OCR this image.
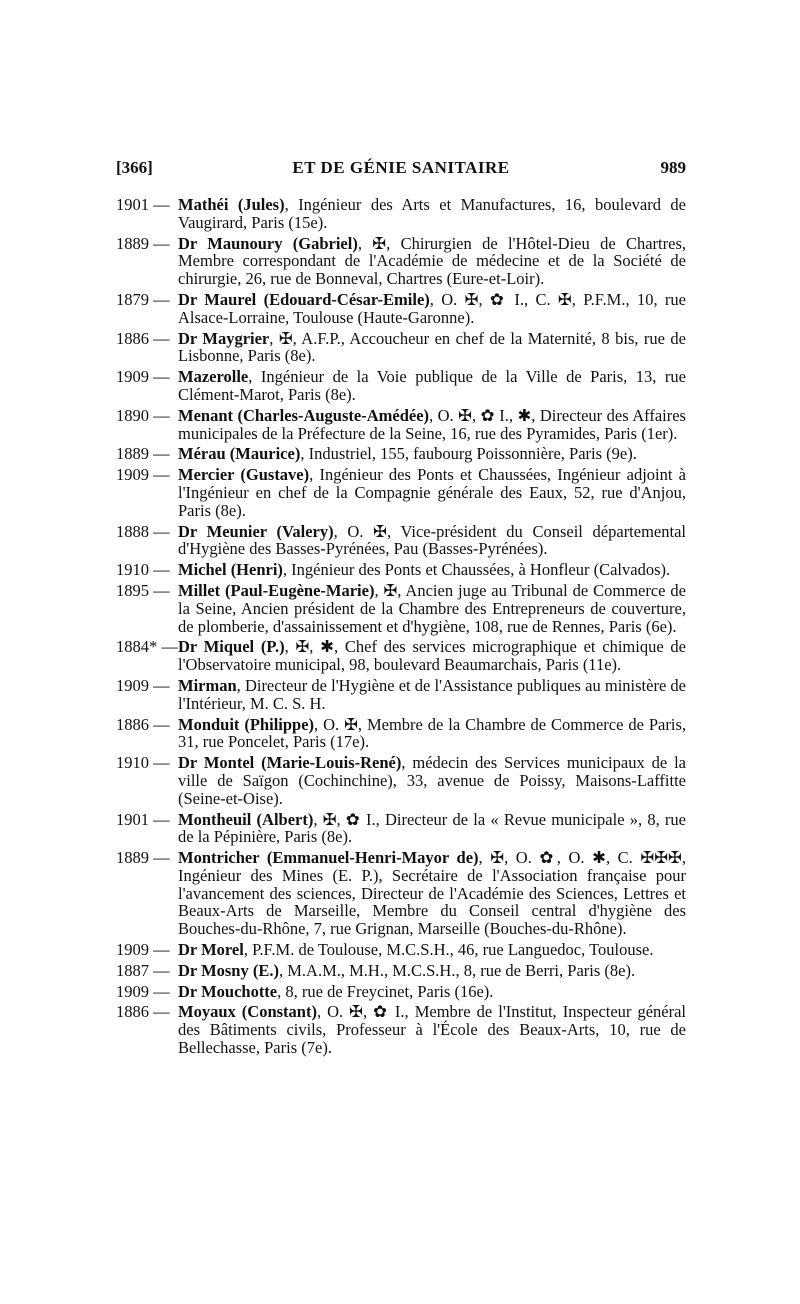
[366]	ET DE GÉNIE SANITAIRE	989
1901 — Mathéi (Jules), Ingénieur des Arts et Manufactures, 16, boulevard de Vaugirard, Paris (15e).
1889 — Dr Maunoury (Gabriel), ✠, Chirurgien de l'Hôtel-Dieu de Chartres, Membre correspondant de l'Académie de médecine et de la Société de chirurgie, 26, rue de Bonneval, Chartres (Eure-et-Loir).
1879 — Dr Maurel (Edouard-César-Emile), O. ✠, ✿ I., C. ✠, P.F.M., 10, rue Alsace-Lorraine, Toulouse (Haute-Garonne).
1886 — Dr Maygrier, ✠, A.F.P., Accoucheur en chef de la Maternité, 8 bis, rue de Lisbonne, Paris (8e).
1909 — Mazerolle, Ingénieur de la Voie publique de la Ville de Paris, 13, rue Clément-Marot, Paris (8e).
1890 — Menant (Charles-Auguste-Amédée), O. ✠, ✿ I., ✱, Directeur des Affaires municipales de la Préfecture de la Seine, 16, rue des Pyramides, Paris (1er).
1889 — Mérau (Maurice), Industriel, 155, faubourg Poissonnière, Paris (9e).
1909 — Mercier (Gustave), Ingénieur des Ponts et Chaussées, Ingénieur adjoint à l'Ingénieur en chef de la Compagnie générale des Eaux, 52, rue d'Anjou, Paris (8e).
1888 — Dr Meunier (Valery), O. ✠, Vice-président du Conseil départemental d'Hygiène des Basses-Pyrénées, Pau (Basses-Pyrénées).
1910 — Michel (Henri), Ingénieur des Ponts et Chaussées, à Honfleur (Calvados).
1895 — Millet (Paul-Eugène-Marie), ✠, Ancien juge au Tribunal de Commerce de la Seine, Ancien président de la Chambre des Entrepreneurs de couverture, de plomberie, d'assainissement et d'hygiène, 108, rue de Rennes, Paris (6e).
1884* — Dr Miquel (P.), ✠, ✱, Chef des services micrographique et chimique de l'Observatoire municipal, 98, boulevard Beaumarchais, Paris (11e).
1909 — Mirman, Directeur de l'Hygiène et de l'Assistance publiques au ministère de l'Intérieur, M. C. S. H.
1886 — Monduit (Philippe), O. ✠, Membre de la Chambre de Commerce de Paris, 31, rue Poncelet, Paris (17e).
1910 — Dr Montel (Marie-Louis-René), médecin des Services municipaux de la ville de Saïgon (Cochinchine), 33, avenue de Poissy, Maisons-Laffitte (Seine-et-Oise).
1901 — Montheuil (Albert), ✠, ✿ I., Directeur de la « Revue municipale », 8, rue de la Pépinière, Paris (8e).
1889 — Montricher (Emmanuel-Henri-Mayor de), ✠, O. ✿, O. ✱, C. ✠✠✠, Ingénieur des Mines (E. P.), Secrétaire de l'Association française pour l'avancement des sciences, Directeur de l'Académie des Sciences, Lettres et Beaux-Arts de Marseille, Membre du Conseil central d'hygiène des Bouches-du-Rhône, 7, rue Grignan, Marseille (Bouches-du-Rhône).
1909 — Dr Morel, P.F.M. de Toulouse, M.C.S.H., 46, rue Languedoc, Toulouse.
1887 — Dr Mosny (E.), M.A.M., M.H., M.C.S.H., 8, rue de Berri, Paris (8e).
1909 — Dr Mouchotte, 8, rue de Freycinet, Paris (16e).
1886 — Moyaux (Constant), O. ✠, ✿ I., Membre de l'Institut, Inspecteur général des Bâtiments civils, Professeur à l'École des Beaux-Arts, 10, rue de Bellechasse, Paris (7e).
